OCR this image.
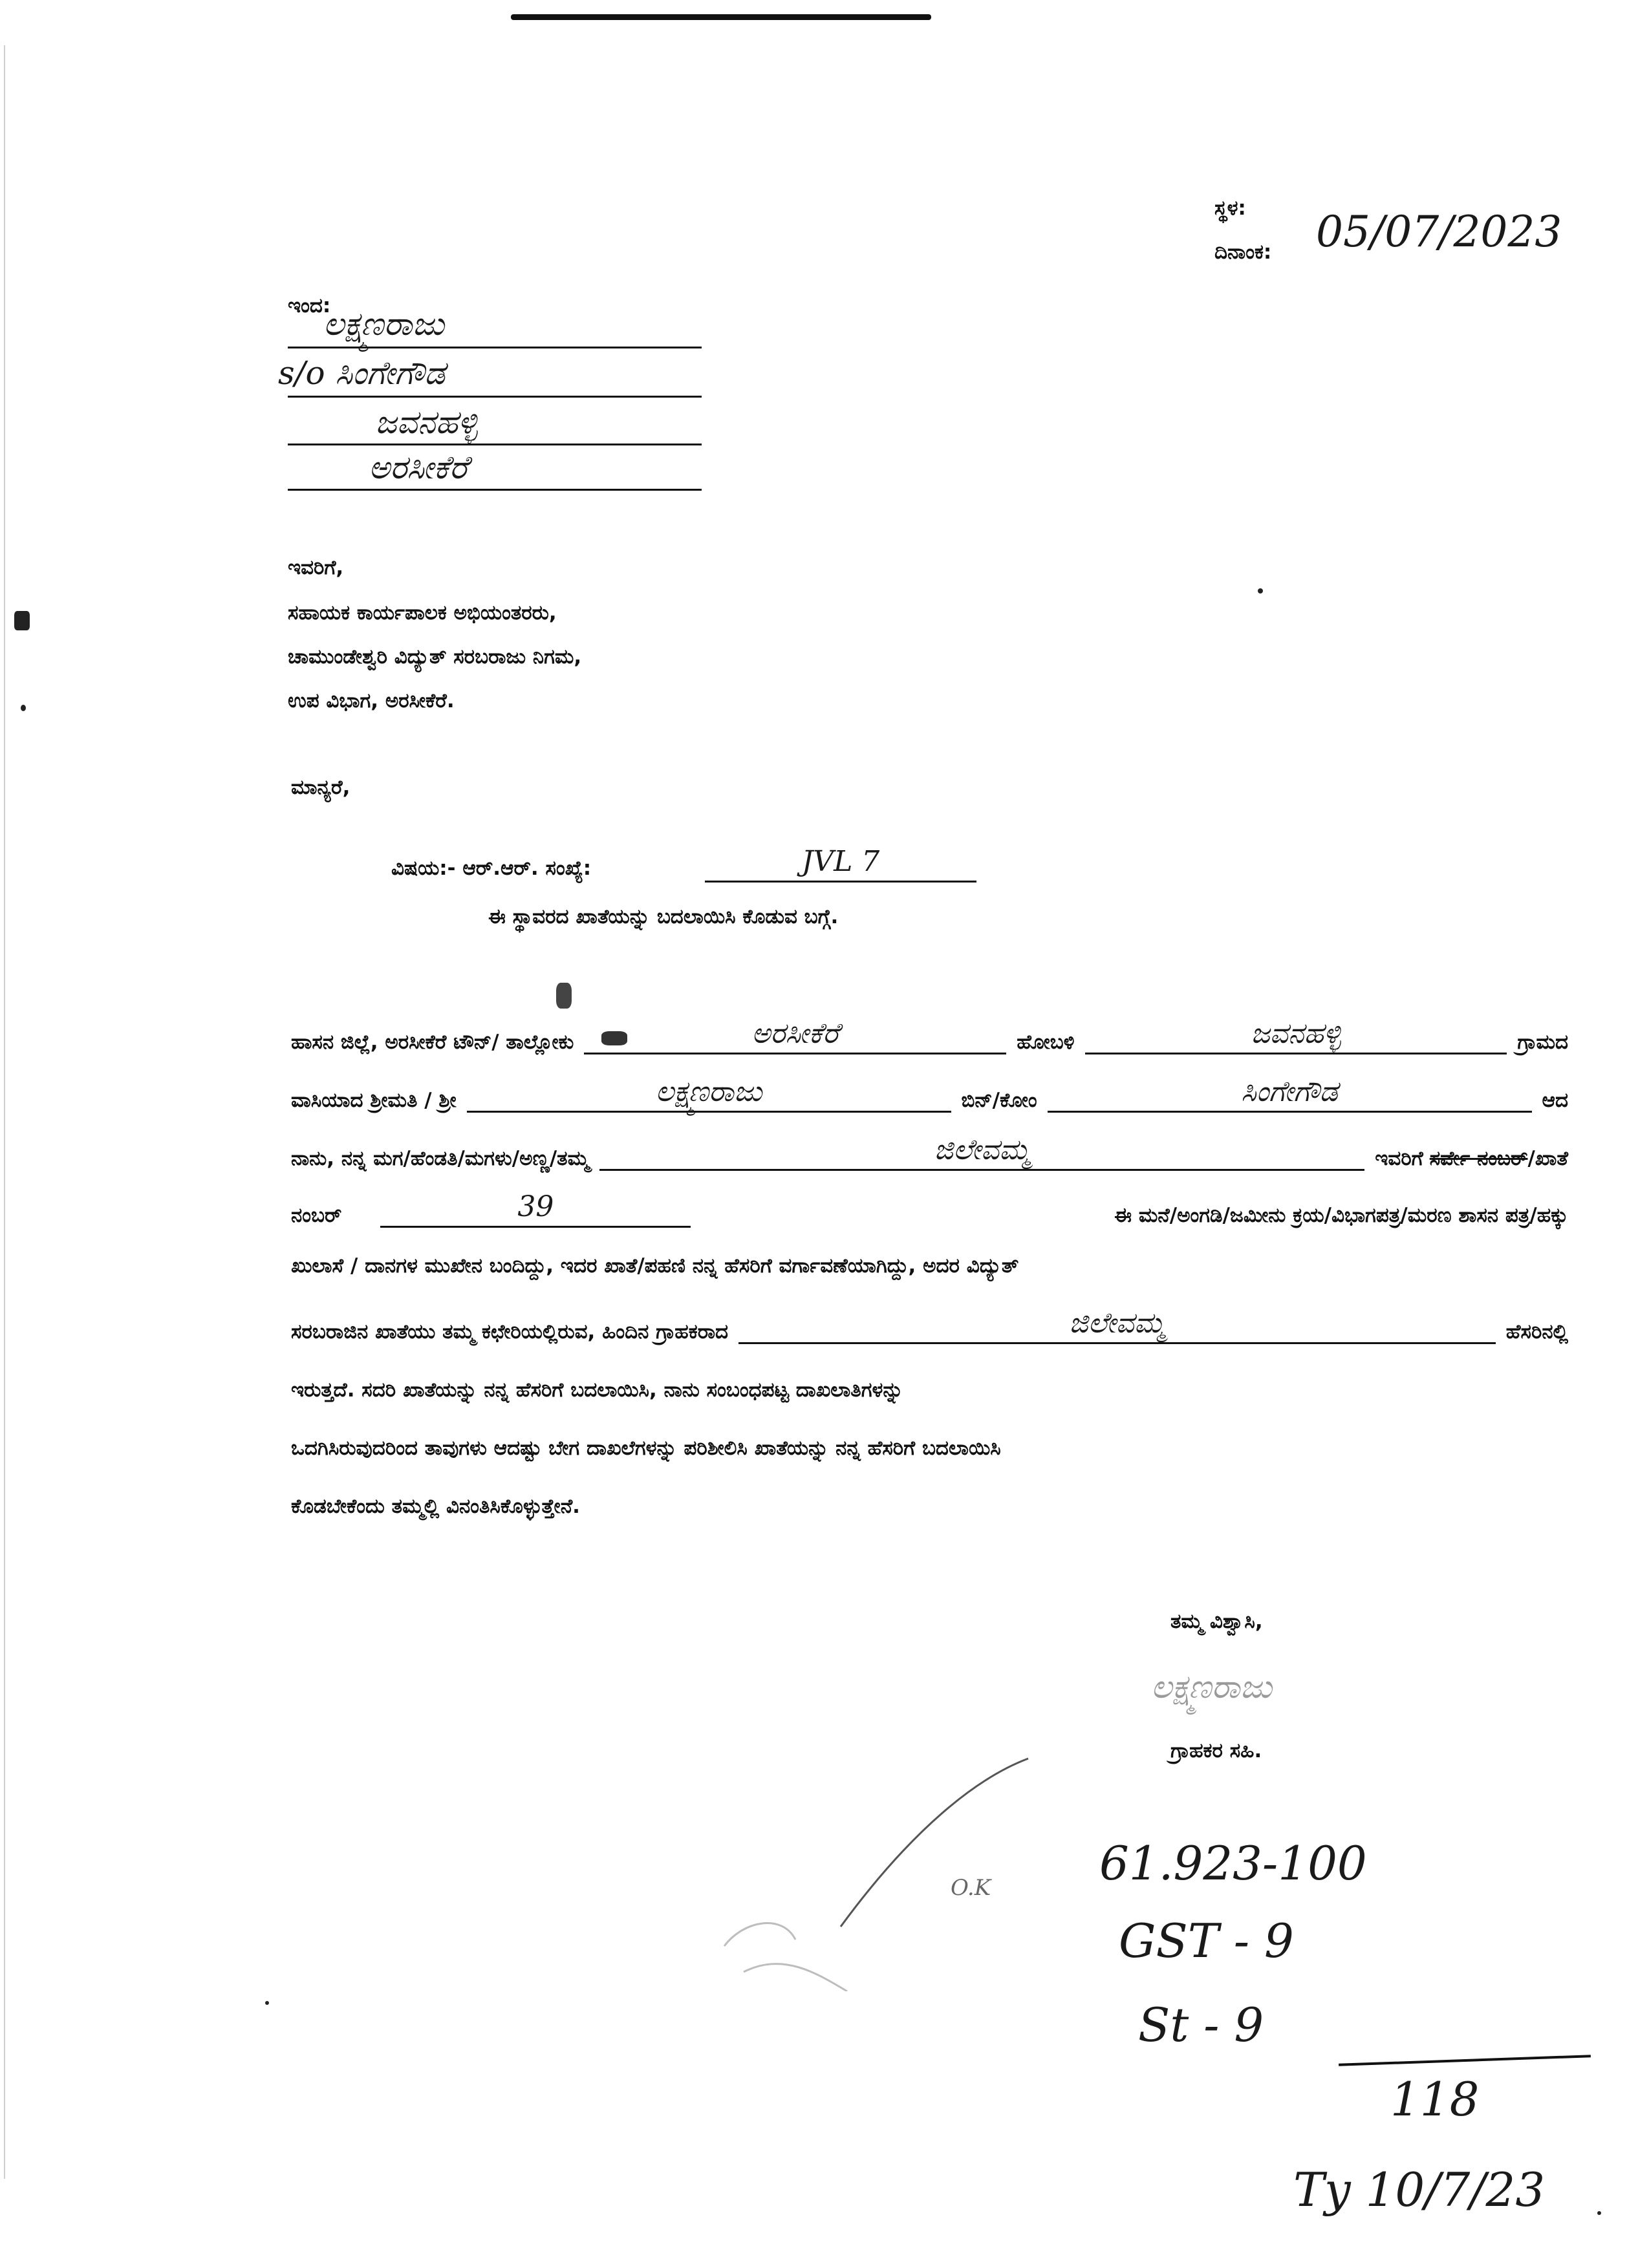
ಸ್ಥಳ:
ದಿನಾಂಕ: 05/07/2023
ಇಂದ:
ಲಕ್ಷ್ಮಣರಾಜು
s/o ಸಿಂಗೇಗೌಡ
ಜವನಹಳ್ಳಿ
ಅರಸೀಕೆರೆ
ಇವರಿಗೆ,
ಸಹಾಯಕ ಕಾರ್ಯಪಾಲಕ ಅಭಿಯಂತರರು,
ಚಾಮುಂಡೇಶ್ವರಿ ವಿದ್ಯುತ್ ಸರಬರಾಜು ನಿಗಮ,
ಉಪ ವಿಭಾಗ, ಅರಸೀಕೆರೆ.
ಮಾನ್ಯರೆ,
ವಿಷಯ:- ಆರ್.ಆರ್. ಸಂಖ್ಯೆ:	JVL 7
ಈ ಸ್ಥಾವರದ ಖಾತೆಯನ್ನು ಬದಲಾಯಿಸಿ ಕೊಡುವ ಬಗ್ಗೆ.
ಹಾಸನ ಜಿಲ್ಲೆ, ಅರಸೀಕೆರೆ ಟೌನ್/ ತಾಲ್ಲೋಕು	ಅರಸೀಕೆರೆ	ಹೋಬಳಿ	ಜವನಹಳ್ಳಿ	ಗ್ರಾಮದ
ವಾಸಿಯಾದ ಶ್ರೀಮತಿ / ಶ್ರೀ	ಲಕ್ಷ್ಮಣರಾಜು	ಬಿನ್/ಕೋಂ	ಸಿಂಗೇಗೌಡ	ಆದ
ನಾನು, ನನ್ನ ಮಗ/ಹೆಂಡತಿ/ಮಗಳು/ಅಣ್ಣ/ತಮ್ಮ	ಜಿಲೇವಮ್ಮ	ಇವರಿಗೆ ಸರ್ವೇ ನಂಬರ್ /ಖಾತೆ
ನಂಬರ್	39	ಈ ಮನೆ/ಅಂಗಡಿ/ಜಮೀನು ಕ್ರಯ/ವಿಭಾಗಪತ್ರ/ಮರಣ ಶಾಸನ ಪತ್ರ/ಹಕ್ಕು
ಖುಲಾಸೆ / ದಾನಗಳ ಮುಖೇನ ಬಂದಿದ್ದು, ಇದರ ಖಾತೆ/ಪಹಣಿ ನನ್ನ ಹೆಸರಿಗೆ ವರ್ಗಾವಣೆಯಾಗಿದ್ದು, ಅದರ ವಿದ್ಯುತ್
ಸರಬರಾಜಿನ ಖಾತೆಯು ತಮ್ಮ ಕಛೇರಿಯಲ್ಲಿರುವ, ಹಿಂದಿನ ಗ್ರಾಹಕರಾದ	ಜಿಲೇವಮ್ಮ	ಹೆಸರಿನಲ್ಲಿ
ಇರುತ್ತದೆ. ಸದರಿ ಖಾತೆಯನ್ನು ನನ್ನ ಹೆಸರಿಗೆ ಬದಲಾಯಿಸಿ, ನಾನು ಸಂಬಂಧಪಟ್ಟ ದಾಖಲಾತಿಗಳನ್ನು
ಒದಗಿಸಿರುವುದರಿಂದ ತಾವುಗಳು ಆದಷ್ಟು ಬೇಗ ದಾಖಲೆಗಳನ್ನು ಪರಿಶೀಲಿಸಿ ಖಾತೆಯನ್ನು ನನ್ನ ಹೆಸರಿಗೆ ಬದಲಾಯಿಸಿ
ಕೊಡಬೇಕೆಂದು ತಮ್ಮಲ್ಲಿ ವಿನಂತಿಸಿಕೊಳ್ಳುತ್ತೇನೆ.
ತಮ್ಮ ವಿಶ್ವಾಸಿ,
ಲಕ್ಷ್ಮಣರಾಜು
ಗ್ರಾಹಕರ ಸಹಿ.
O.K 61.923-100
GST - 9
St - 9
118
Ty 10/7/23
